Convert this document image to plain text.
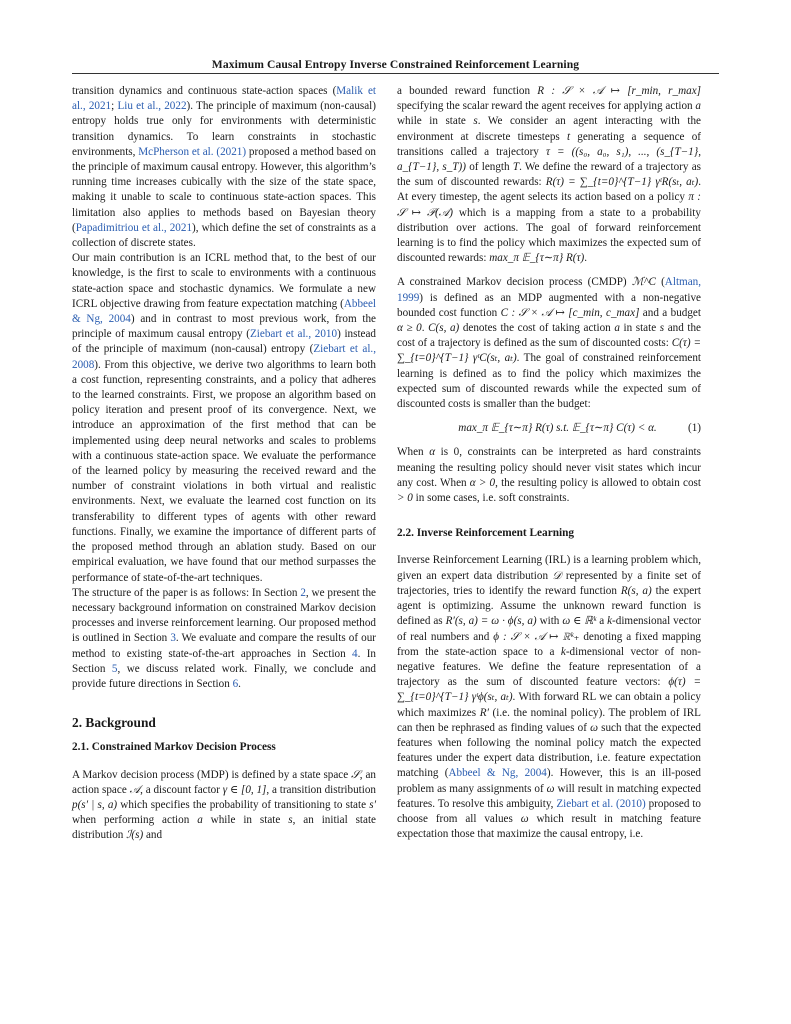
Maximum Causal Entropy Inverse Constrained Reinforcement Learning

transition dynamics and continuous state-action spaces (Malik et al., 2021; Liu et al., 2022). The principle of maximum (non-causal) entropy holds true only for environments with deterministic transition dynamics. To learn constraints in stochastic environments, McPherson et al. (2021) proposed a method based on the principle of maximum causal entropy. However, this algorithm’s running time increases cubically with the size of the state space, making it unable to scale to continuous state-action spaces. This limitation also applies to methods based on Bayesian theory (Papadimitriou et al., 2021), which define the set of constraints as a collection of discrete states.

Our main contribution is an ICRL method that, to the best of our knowledge, is the first to scale to environments with a continuous state-action space and stochastic dynamics. We formulate a new ICRL objective drawing from feature expectation matching (Abbeel & Ng, 2004) and in contrast to most previous work, from the principle of maximum causal entropy (Ziebart et al., 2010) instead of the principle of maximum (non-causal) entropy (Ziebart et al., 2008). From this objective, we derive two algorithms to learn both a cost function, representing constraints, and a policy that adheres to the learned constraints. First, we propose an algorithm based on policy iteration and present proof of its convergence. Next, we introduce an approximation of the first method that can be implemented using deep neural networks and scales to problems with a continuous state-action space. We evaluate the performance of the learned policy by measuring the received reward and the number of constraint violations in both virtual and realistic environments. Next, we evaluate the learned cost function on its transferability to different types of agents with other reward functions. Finally, we examine the importance of different parts of the proposed method through an ablation study. Based on our empirical evaluation, we have found that our method surpasses the performance of state-of-the-art techniques.

The structure of the paper is as follows: In Section 2, we present the necessary background information on constrained Markov decision processes and inverse reinforcement learning. Our proposed method is outlined in Section 3. We evaluate and compare the results of our method to existing state-of-the-art approaches in Section 4. In Section 5, we discuss related work. Finally, we conclude and provide future directions in Section 6.

2. Background
2.1. Constrained Markov Decision Process

A Markov decision process (MDP) is defined by a state space 𝒮, an action space 𝒜, a discount factor γ ∈ [0, 1], a transition distribution p(s′ | s, a) which specifies the probability of transitioning to state s′ when performing action a while in state s, an initial state distribution ℐ(s) and

a bounded reward function R : 𝒮 × 𝒜 ↦ [r_min, r_max] specifying the scalar reward the agent receives for applying action a while in state s. We consider an agent interacting with the environment at discrete timesteps t generating a sequence of transitions called a trajectory τ = ((s₀, a₀, s₁), ..., (s_{T−1}, a_{T−1}, s_T)) of length T. We define the reward of a trajectory as the sum of discounted rewards: R(τ) = ∑_{t=0}^{T−1} γᵗR(sₜ, aₜ). At every timestep, the agent selects its action based on a policy π : 𝒮 ↦ 𝒫(𝒜) which is a mapping from a state to a probability distribution over actions. The goal of forward reinforcement learning is to find the policy which maximizes the expected sum of discounted rewards: max_π 𝔼_{τ∼π} R(τ).

A constrained Markov decision process (CMDP) ℳ^C (Altman, 1999) is defined as an MDP augmented with a non-negative bounded cost function C : 𝒮 × 𝒜 ↦ [c_min, c_max] and a budget α ≥ 0. C(s, a) denotes the cost of taking action a in state s and the cost of a trajectory is defined as the sum of discounted costs: C(τ) = ∑_{t=0}^{T−1} γᵗC(sₜ, aₜ). The goal of constrained reinforcement learning is defined as to find the policy which maximizes the expected sum of discounted rewards while the expected sum of discounted costs is smaller than the budget:

max_π 𝔼_{τ∼π} R(τ) s.t. 𝔼_{τ∼π} C(τ) < α.	(1)

When α is 0, constraints can be interpreted as hard constraints meaning the resulting policy should never visit states which incur any cost. When α > 0, the resulting policy is allowed to obtain cost > 0 in some cases, i.e. soft constraints.

2.2. Inverse Reinforcement Learning

Inverse Reinforcement Learning (IRL) is a learning problem which, given an expert data distribution 𝒟 represented by a finite set of trajectories, tries to identify the reward function R(s, a) the expert agent is optimizing. Assume the unknown reward function is defined as R′(s, a) = ω · ϕ(s, a) with ω ∈ ℝᵏ a k-dimensional vector of real numbers and ϕ : 𝒮 × 𝒜 ↦ ℝᵏ₊ denoting a fixed mapping from the state-action space to a k-dimensional vector of non-negative features. We define the feature representation of a trajectory as the sum of discounted feature vectors: ϕ(τ) = ∑_{t=0}^{T−1} γᵗϕ(sₜ, aₜ). With forward RL we can obtain a policy which maximizes R′ (i.e. the nominal policy). The problem of IRL can then be rephrased as finding values of ω such that the expected features when following the nominal policy match the expected features under the expert data distribution, i.e. feature expectation matching (Abbeel & Ng, 2004). However, this is an ill-posed problem as many assignments of ω will result in matching expected features. To resolve this ambiguity, Ziebart et al. (2010) proposed to choose from all values ω which result in matching feature expectation those that maximize the causal entropy, i.e.
